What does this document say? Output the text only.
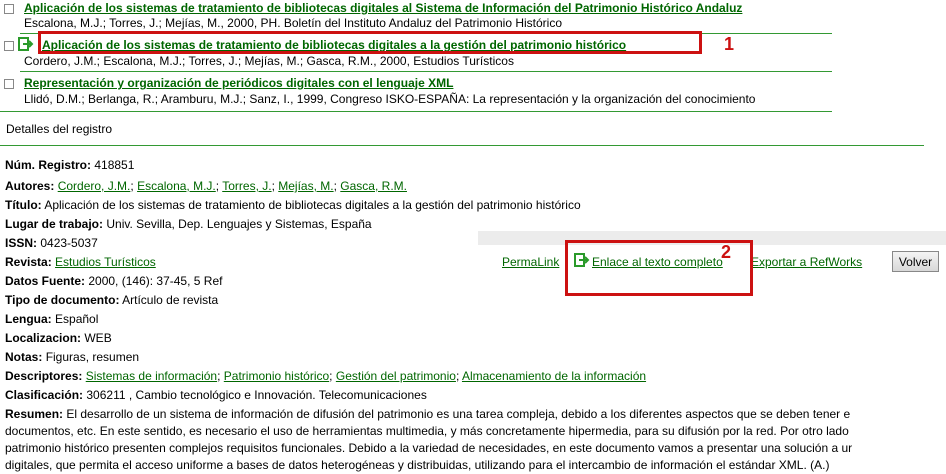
Aplicación de los sistemas de tratamiento de bibliotecas digitales al Sistema de Información del Patrimonio Histórico Andaluz
Escalona, M.J.; Torres, J.; Mejías, M., 2000, PH. Boletín del Instituto Andaluz del Patrimonio Histórico
Aplicación de los sistemas de tratamiento de bibliotecas digitales a la gestión del patrimonio histórico
Cordero, J.M.; Escalona, M.J.; Torres, J.; Mejías, M.; Gasca, R.M., 2000, Estudios Turísticos
Representación y organización de periódicos digitales con el lenguaje XML
Llidó, D.M.; Berlanga, R.; Aramburu, M.J.; Sanz, I., 1999, Congreso ISKO-ESPAÑA: La representación y la organización del conocimiento
Detalles del registro
Núm. Registro: 418851
Autores: Cordero, J.M.; Escalona, M.J.; Torres, J.; Mejías, M.; Gasca, R.M.
Título: Aplicación de los sistemas de tratamiento de bibliotecas digitales a la gestión del patrimonio histórico
Lugar de trabajo: Univ. Sevilla, Dep. Lenguajes y Sistemas, España
ISSN: 0423-5037
PermaLink	Enlace al texto completo Exportar a RefWorks	Volver
Revista: Estudios Turísticos
Datos Fuente: 2000, (146): 37-45, 5 Ref
Tipo de documento: Artículo de revista
Lengua: Español
Localizacion: WEB
Notas: Figuras, resumen
Descriptores: Sistemas de información; Patrimonio histórico; Gestión del patrimonio; Almacenamiento de la información
Clasificación: 306211 , Cambio tecnológico e Innovación. Telecomunicaciones
Resumen: El desarrollo de un sistema de información de difusión del patrimonio es una tarea compleja, debido a los diferentes aspectos que se deben tener e
documentos, etc. En este sentido, es necesario el uso de herramientas multimedia, y más concretamente hipermedia, para su difusión por la red. Por otro lado
patrimonio histórico presenten complejos requisitos funcionales. Debido a la variedad de necesidades, en este documento vamos a presentar una solución a ur
digitales, que permita el acceso uniforme a bases de datos heterogéneas y distribuidas, utilizando para el intercambio de información el estándar XML. (A.)
1
2
